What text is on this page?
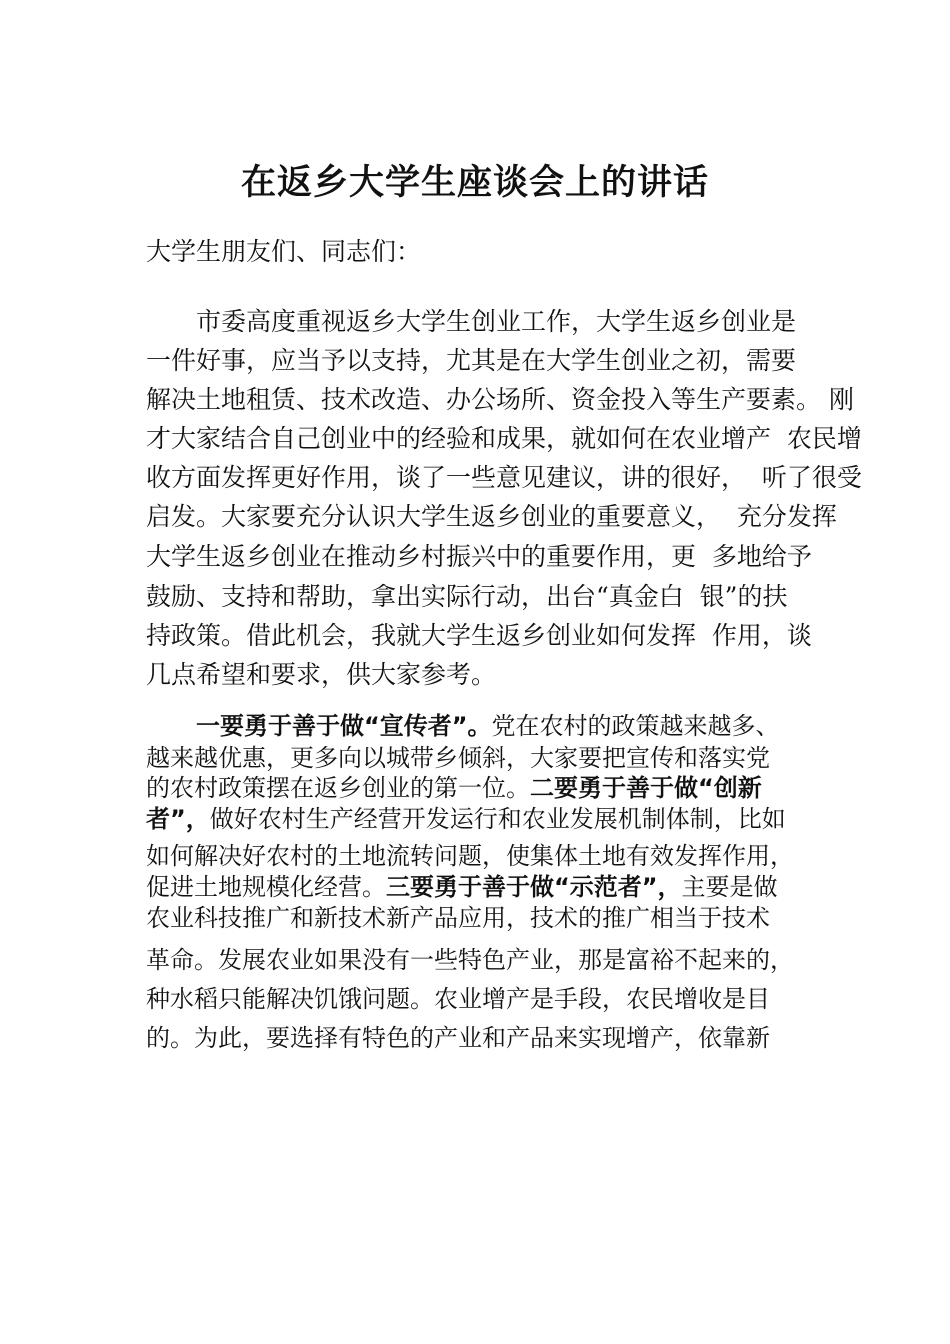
在返乡大学生座谈会上的讲话
大学生朋友们、同志们：
市委高度重视返乡大学生创业工作，大学生返乡创业是
一件好事，应当予以支持，尤其是在大学生创业之初，需要
解决土地租赁、技术改造、办公场所、资金投入等生产要素。 刚
才大家结合自己创业中的经验和成果，就如何在农业增产  农民增
收方面发挥更好作用，谈了一些意见建议，讲的很好，  听了很受
启发。大家要充分认识大学生返乡创业的重要意义，  充分发挥
大学生返乡创业在推动乡村振兴中的重要作用，更  多地给予
鼓励、支持和帮助，拿出实际行动，出台“真金白  银”的扶
持政策。借此机会，我就大学生返乡创业如何发挥  作用，谈
几点希望和要求，供大家参考。
一要勇于善于做“宣传者”。党在农村的政策越来越多、
越来越优惠，更多向以城带乡倾斜，大家要把宣传和落实党
的农村政策摆在返乡创业的第一位。二要勇于善于做“创新
者”，做好农村生产经营开发运行和农业发展机制体制，比如
如何解决好农村的土地流转问题，使集体土地有效发挥作用，
促进土地规模化经营。三要勇于善于做“示范者”，主要是做
农业科技推广和新技术新产品应用，技术的推广相当于技术
革命。发展农业如果没有一些特色产业，那是富裕不起来的，
种水稻只能解决饥饿问题。农业增产是手段，农民增收是目
的。为此，要选择有特色的产业和产品来实现增产，依靠新
